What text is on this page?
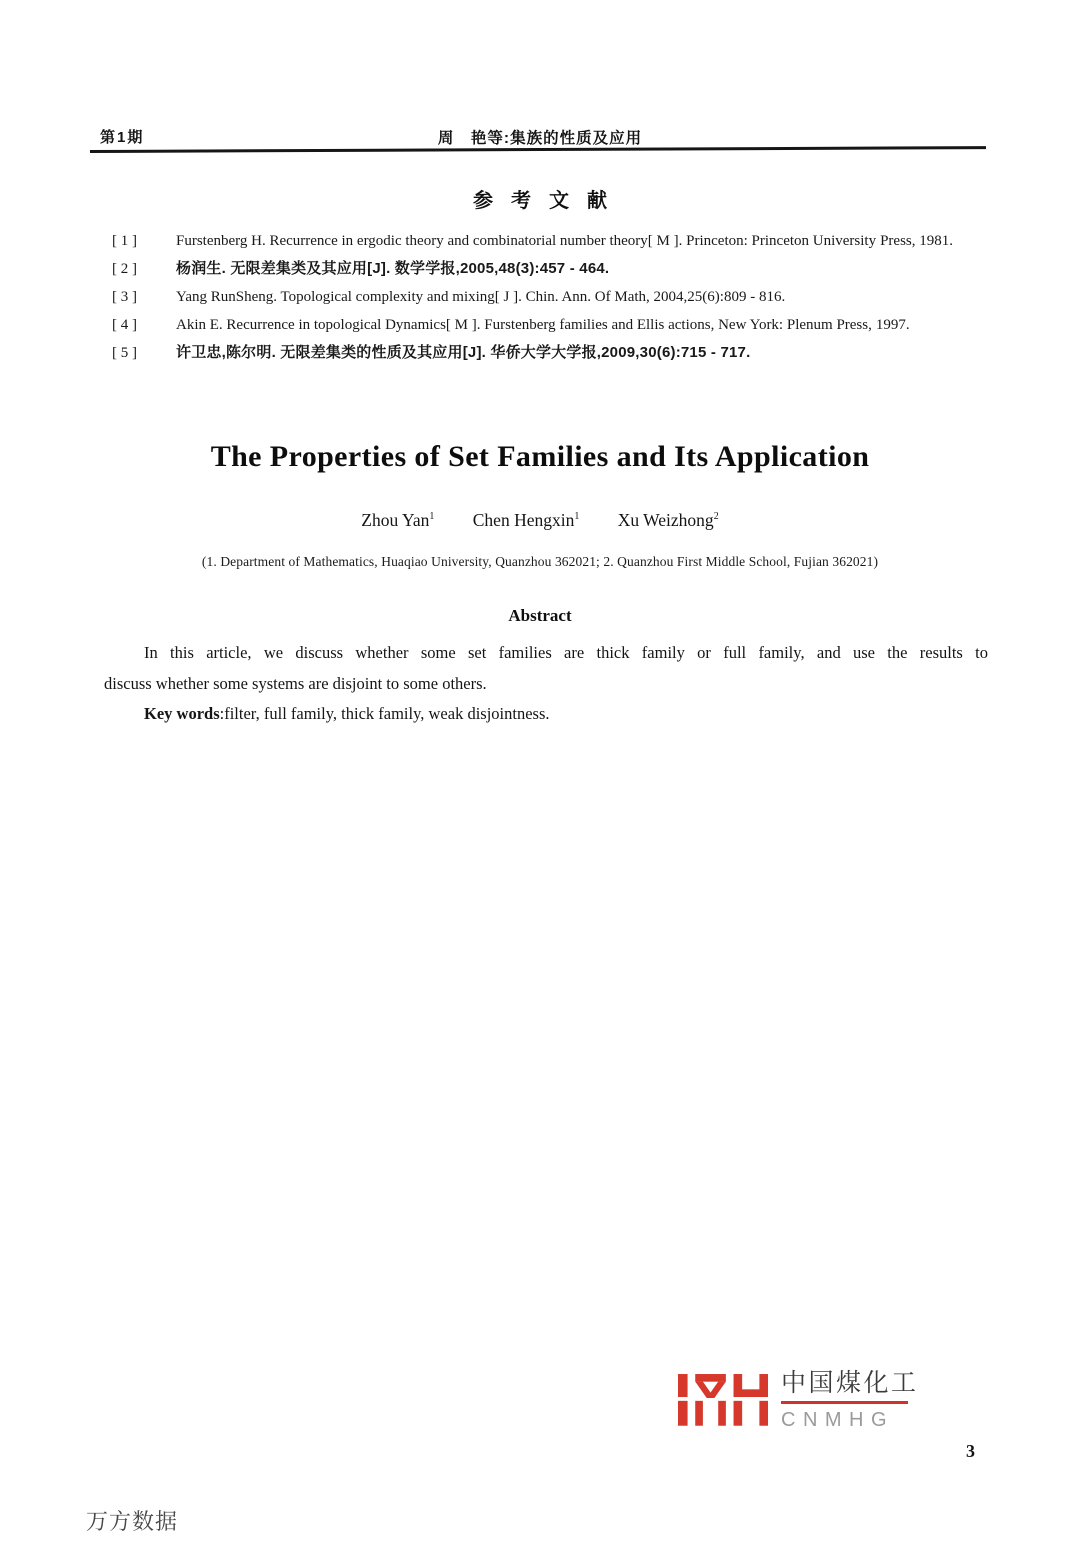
第1期	周　艳等:集族的性质及应用
参考文献
[ 1 ]	Furstenberg H. Recurrence in ergodic theory and combinatorial number theory[ M ]. Princeton: Princeton University Press, 1981.
[ 2 ]	杨润生. 无限差集类及其应用[J]. 数学学报,2005,48(3):457 - 464.
[ 3 ]	Yang RunSheng. Topological complexity and mixing[ J ]. Chin. Ann. Of Math, 2004,25(6):809 - 816.
[ 4 ]	Akin E. Recurrence in topological Dynamics[ M ]. Furstenberg families and Ellis actions, New York: Plenum Press, 1997.
[ 5 ]	许卫忠,陈尔明. 无限差集类的性质及其应用[J]. 华侨大学大学报,2009,30(6):715 - 717.
The Properties of Set Families and Its Application
Zhou Yan$^1$ Chen Hengxin$^1$ Xu Weizhong$^2$
(1. Department of Mathematics, Huaqiao University, Quanzhou 362021; 2. Quanzhou First Middle School, Fujian 362021)
Abstract
In this article, we discuss whether some set families are thick family or full family, and use the results to
discuss whether some systems are disjoint to some others.
Key words:filter, full family, thick family, weak disjointness.
中国煤化工
CNMHG
3
万方数据
